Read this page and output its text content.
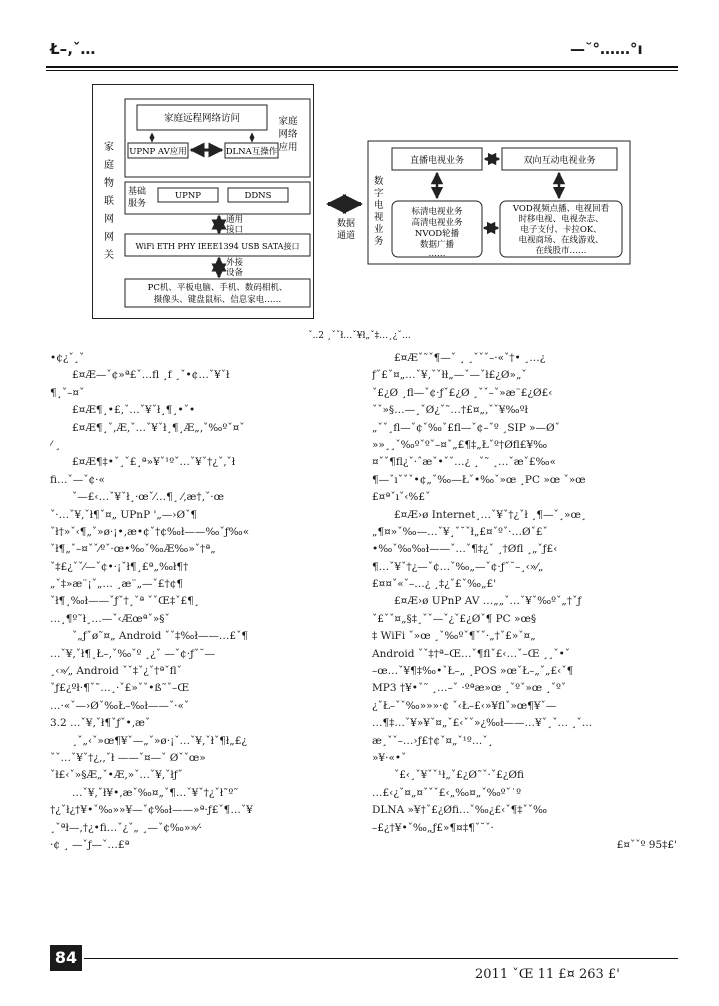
Ł–‚ˇ…	—˘°……°ı
家
庭
物
联
网
网
关
家庭
网络
应用
家庭远程网络访问
UPNP AV应用	DLNA互操作
基础
服务
UPNP	DDNS
通用
接口
WiFi ETH PHY IEEE1394 USB SATA接口
外接
设备
PC机、平板电脑、手机、数码相机、
摄像头、键盘鼠标、信息家电……
数据
通道
数
字
电
视
业
务
直播电视业务	双向互动电视业务
标清电视业务
高清电视业务
NVOD轮播
数据广播
……
VOD视频点播、电视回看
时移电视、电视杂志、
电子支付、卡拉OK、
电视商场、在线游戏、
在线股市……
ˇ..2 ¸ˇˇł…ˇ¥ł„ˇ‡…¸¿ˇ…
•¢¿ˇ¸ˇ
£¤Æ—ˇ¢»ª£ˇ…fl ¸f ¸ˇ•¢…ˇ¥ˇł
¶¸ˇ–¤ˇ
£¤Æ¶¸•£‚ˇ…ˇ¥ˇł¸¶¸•ˇ•
£¤Æ¶¸ˇ‚Æ‚ˇ…ˇ¥ˇł¸¶¸Æ„‚ˇ‰ºˇ¤ˇ
⁄ ¸
£¤Æ¶‡•ˇ¸ˇ£¸ª»¥ˇ¹ºˇ…ˇ¥ˇ†¿ˇ‚ˇł
fi…ˇ—ˇ¢·«
ˇ—£‹…ˇ¥ˇł¸·œˇ⁄…¶¸ ⁄‚æ†‚ˇ·œ
ˇ·…ˇ¥‚ˇł¶ˇ¤„ UPnP '„—›Øˇ¶
ˇł†»ˇ‹¶„ˇ»ø·¡•‚æ•¢ˇ†¢‰ł——‰ˇƒ‰«
ˇł¶„ˇ–¤ˇˇ⁄ºˇ·œ•‰ˇ‰Æ‰»ˇ†ª„
ˇ‡£¿ˇˇ⁄—ˇ¢•·¡ˇł¶¸£ª„‰ł¶†
„ˇ‡»æ¨¡ˇ„… ¸æ¨„—ˇ£†¢¶
ˇł¶¸‰ł——ˇƒˇ†¸ˇª ˇˇŒ‡ˇ£¶¸
…¸¶º˜ł¸…—ˇ‹Æœªˇ»§ˇ
ˇ„ƒˇø˜¤„ Android ˇˇ‡‰ł——…£ˇ¶
…ˇ¥‚ˇł¶¸Ł–‚ˇ‰ˇº ¸¿ˇ —ˇ¢·ƒˇ˘—
¸‹»⁄„ Android ˇˇ‡ˇ¿ˇ†ªˇflˇ
ˇƒ£¿ºł·¶ˇ˜…¸·ˇ£»ˇˇ•ß˜ˇ–Œ
…·«ˇ—›Øˇ‰Ł–‰ł——ˇ·«ˇ
3.2 …ˇ¥‚ˇł¶ˇƒˇ•‚æˇ
¸ˇ„‹ˇ»œ¶¥ˇ—„ˇ»ø·¡ˇ…ˇ¥‚ˇłˇ¶ł„£¿
ˇˇ…ˇ¥ˇ†¿‚‚ˇł ——ˇ¤—ˇ Øˇˇœ»
ˇł£‹ˇ»§Æ„ˇ•Æ‚»ˇ…ˇ¥‚ˇłƒˇ
…ˇ¥‚ˇł¥•‚æˇ‰¤„ˇ¶…ˇ¥ˇ†¿ˇł˜º˜
†¿ˇł¿†¥•ˇ‰»»¥—ˇ¢‰ł——»ª·ƒ£ˇ¶…ˇ¥
¸ˇªł—‚†¿•fi…ˇ¿ˇ„ ¸—ˇ¢‰»»⁄·
·¢ ¸ —ˇƒ—ˇ…£ª
£¤Æˇ˜ˇ¶—ˇ ¸ ¸ˇˇˇ–·«ˇ†• ¸…¿
ƒˇ£ˇ¤„…ˇ¥‚ˇˇłł„—ˇ—ˇł£¿Ø»„ˇ
ˇ£¿Ø ¸fl—ˇ¢·ƒˇ£¿Ø ¸ˇˇ–ˇ»æ¨£¿Ø£‹
ˇˇ»§…—¸ˇØ¿ˇ˜…†£¤„‚ˇˇ¥‰ºł
„ˇˇ¸fl—ˇ¢ˇ‰ˇ£fl—ˇ¢–ˇº ¸SIP »—Øˇ
»»¸¸ˇ‰ºˇºˇ–¤ˇ„£¶‡„Łˇº†Øfl£¥‰
¤ˇˇ¶fl¿ˇ·ˆæˇ•ˇˇ…¿ ¸ˇ˜ ¸…ˇæˇ£‰«
¶—ˇıˇˇˇ•¢„ˇ‰—Łˇ•‰ˇ»œ ¸PC »œ ˇ»œ
£¤ªˇıˇ‹%£ˇ
£¤Æ›ø Internet¸…ˇ¥ˇ†¿ˇł ¸¶—ˇ¸»œ¸
„¶¤»ˇ‰—…ˇ¥¸ˇ˘ˇł„£¤ˇºˇ·…Øˇ£ˇ
•‰ˇ‰‰ł——ˇ…ˇ¶‡¿ˇ ¸†Øfl ¸„ˇƒ£‹
¶…ˇ¥ˇ†¿—ˇ¢…ˇ‰„—ˇ¢·ƒˇ˘–¸‹»⁄„
£¤¤ˇ«ˇ–…¿ ¸‡¿ˇ£ˇ‰„£'
£¤Æ›ø UPnP AV …„„ˇ…ˇ¥ˇ‰ºˇ„†ˇƒ
ˇ£ˇˇ¤„§‡¸ˇˇ—ˇ¿ˇ£¿Øˇ¶ PC »œ§
‡ WiFi ˇ»œ ¸ˇ‰ºˇ¶ˇˇ·„†ˇ£»ˇ¤„
Android ˇˇ‡†ª–Œ…ˇ¶flˇ£‹…ˇ–Œ ¸¸ˇ•ˇ
–œ…ˇ¥¶‡‰•ˇŁ–„ ¸POS »œˇŁ–„ˇ„£‹ˇ¶
MP3 †¥•ˇ˜ ¸…–ˇ ·ºªæ»œ ¸ˇºˇ»œ ¸ˇºˇ
¿ˇŁ–ˇˇ‰»»»·¢ ˇ‹Ł–£‹»¥flˇ»œ¶¥ˇ—
…¶‡…ˇ¥»¥ˇ¤„ˇ£‹ˇˇ»¿‰ł——…¥ˇ¸ˇ… ¸ˇ…
æ¸ˇˇ–…›ƒ£†¢ˇ¤„ˇ¹º…ˇ¸
»¥·«•ˇ
ˇ£‹¸ˇ¥ˇˇ¹ł„ˇ£¿Ø˜ˇ·ˇ£¿Øfi
…£‹¿ˇ¤„¤ˇˇˇ£‹„‰¤„ˇ‰ºˇ˙º
DLNA »¥†ˇ£¿Øfi…ˇ‰¿£‹ˇ¶‡ˇˇ‰
–£¿†¥•ˇ‰„ƒ£»¶¤‡¶ˇ˘ˇ·
£¤ˇˇº 95‡£'
84
2011 ˇŒ 11 £¤ 263 £'
